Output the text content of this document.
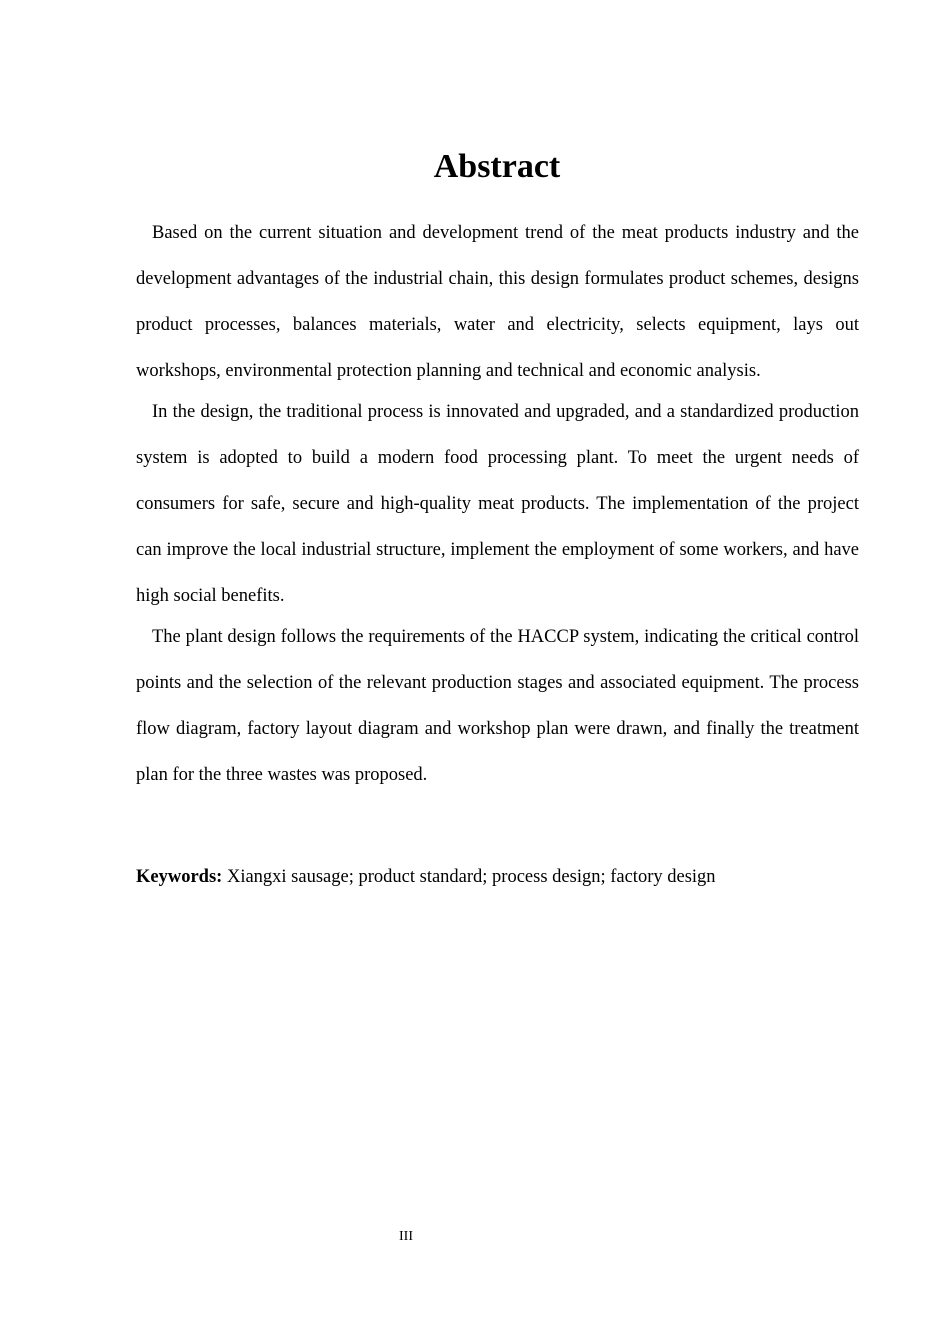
Abstract

Based on the current situation and development trend of the meat products industry and the development advantages of the industrial chain, this design formulates product schemes, designs product processes, balances materials, water and electricity, selects equipment, lays out workshops, environmental protection planning and technical and economic analysis.

In the design, the traditional process is innovated and upgraded, and a standardized production system is adopted to build a modern food processing plant. To meet the urgent needs of consumers for safe, secure and high-quality meat products. The implementation of the project can improve the local industrial structure, implement the employment of some workers, and have high social benefits.

The plant design follows the requirements of the HACCP system, indicating the critical control points and the selection of the relevant production stages and associated equipment. The process flow diagram, factory layout diagram and workshop plan were drawn, and finally the treatment plan for the three wastes was proposed.

Keywords: Xiangxi sausage; product standard; process design; factory design

III
